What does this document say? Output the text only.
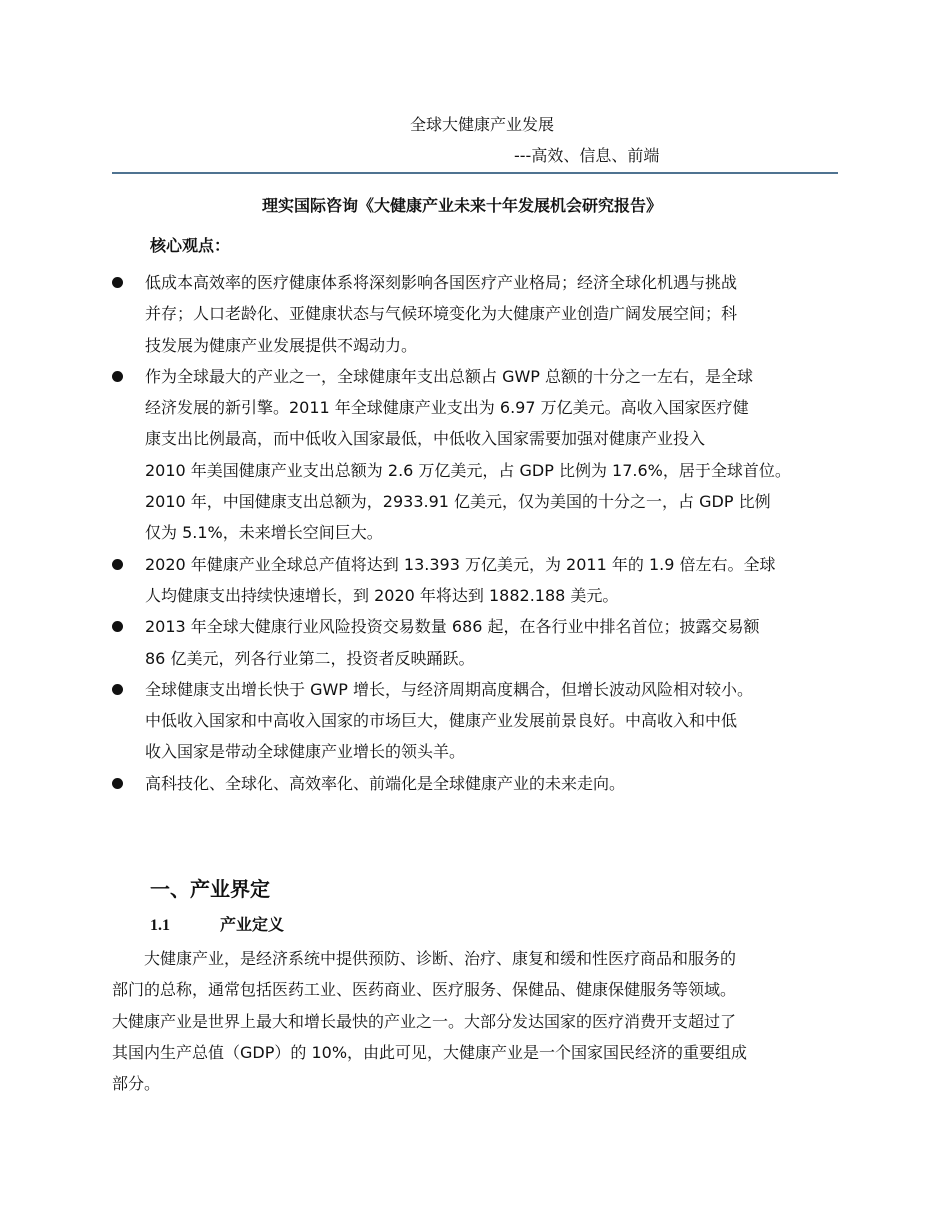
全球大健康产业发展
---高效、信息、前端
理实国际咨询《大健康产业未来十年发展机会研究报告》
核心观点：
低成本高效率的医疗健康体系将深刻影响各国医疗产业格局；经济全球化机遇与挑战
并存；人口老龄化、亚健康状态与气候环境变化为大健康产业创造广阔发展空间；科
技发展为健康产业发展提供不竭动力。
作为全球最大的产业之一，全球健康年支出总额占 GWP 总额的十分之一左右，是全球
经济发展的新引擎。2011 年全球健康产业支出为 6.97 万亿美元。高收入国家医疗健
康支出比例最高，而中低收入国家最低，中低收入国家需要加强对健康产业投入
2010 年美国健康产业支出总额为 2.6 万亿美元，占 GDP 比例为 17.6%，居于全球首位。
2010 年，中国健康支出总额为，2933.91 亿美元，仅为美国的十分之一，占 GDP 比例
仅为 5.1%，未来增长空间巨大。
2020 年健康产业全球总产值将达到 13.393 万亿美元，为 2011 年的 1.9 倍左右。全球
人均健康支出持续快速增长，到 2020 年将达到 1882.188 美元。
2013 年全球大健康行业风险投资交易数量 686 起，在各行业中排名首位；披露交易额
86 亿美元，列各行业第二，投资者反映踊跃。
全球健康支出增长快于 GWP 增长，与经济周期高度耦合，但增长波动风险相对较小。
中低收入国家和中高收入国家的市场巨大，健康产业发展前景良好。中高收入和中低
收入国家是带动全球健康产业增长的领头羊。
高科技化、全球化、高效率化、前端化是全球健康产业的未来走向。
一、产业界定
1.1	产业定义
　　大健康产业，是经济系统中提供预防、诊断、治疗、康复和缓和性医疗商品和服务的
部门的总称，通常包括医药工业、医药商业、医疗服务、保健品、健康保健服务等领域。
大健康产业是世界上最大和增长最快的产业之一。大部分发达国家的医疗消费开支超过了
其国内生产总值（GDP）的 10%，由此可见，大健康产业是一个国家国民经济的重要组成
部分。
